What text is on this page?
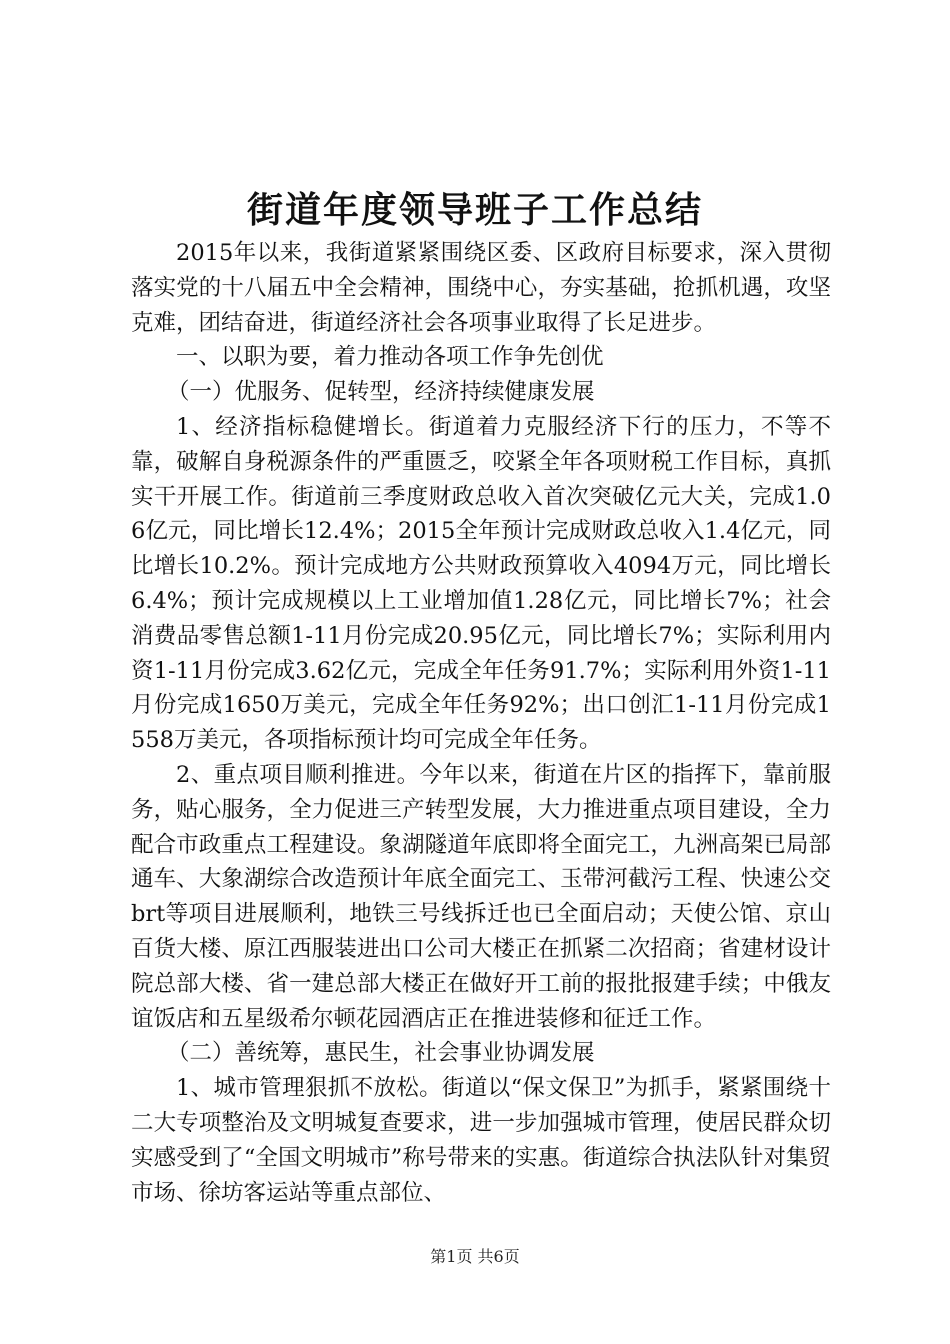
街道年度领导班子工作总结

2015年以来，我街道紧紧围绕区委、区政府目标要求，深入贯彻落实党的十八届五中全会精神，围绕中心，夯实基础，抢抓机遇，攻坚克难，团结奋进，街道经济社会各项事业取得了长足进步。

一、以职为要，着力推动各项工作争先创优

（一）优服务、促转型，经济持续健康发展

1、经济指标稳健增长。街道着力克服经济下行的压力，不等不靠，破解自身税源条件的严重匮乏，咬紧全年各项财税工作目标，真抓实干开展工作。街道前三季度财政总收入首次突破亿元大关，完成1.06亿元，同比增长12.4%；2015全年预计完成财政总收入1.4亿元，同比增长10.2%。预计完成地方公共财政预算收入4094万元，同比增长6.4%；预计完成规模以上工业增加值1.28亿元，同比增长7%；社会消费品零售总额1-11月份完成20.95亿元，同比增长7%；实际利用内资1-11月份完成3.62亿元，完成全年任务91.7%；实际利用外资1-11月份完成1650万美元，完成全年任务92%；出口创汇1-11月份完成1558万美元，各项指标预计均可完成全年任务。

2、重点项目顺利推进。今年以来，街道在片区的指挥下，靠前服务，贴心服务，全力促进三产转型发展，大力推进重点项目建设，全力配合市政重点工程建设。象湖隧道年底即将全面完工，九洲高架已局部通车、大象湖综合改造预计年底全面完工、玉带河截污工程、快速公交brt等项目进展顺利，地铁三号线拆迁也已全面启动；天使公馆、京山百货大楼、原江西服装进出口公司大楼正在抓紧二次招商；省建材设计院总部大楼、省一建总部大楼正在做好开工前的报批报建手续；中俄友谊饭店和五星级希尔顿花园酒店正在推进装修和征迁工作。

（二）善统筹，惠民生，社会事业协调发展

1、城市管理狠抓不放松。街道以“保文保卫”为抓手，紧紧围绕十二大专项整治及文明城复查要求，进一步加强城市管理，使居民群众切实感受到了“全国文明城市”称号带来的实惠。街道综合执法队针对集贸市场、徐坊客运站等重点部位、

第1页 共6页
